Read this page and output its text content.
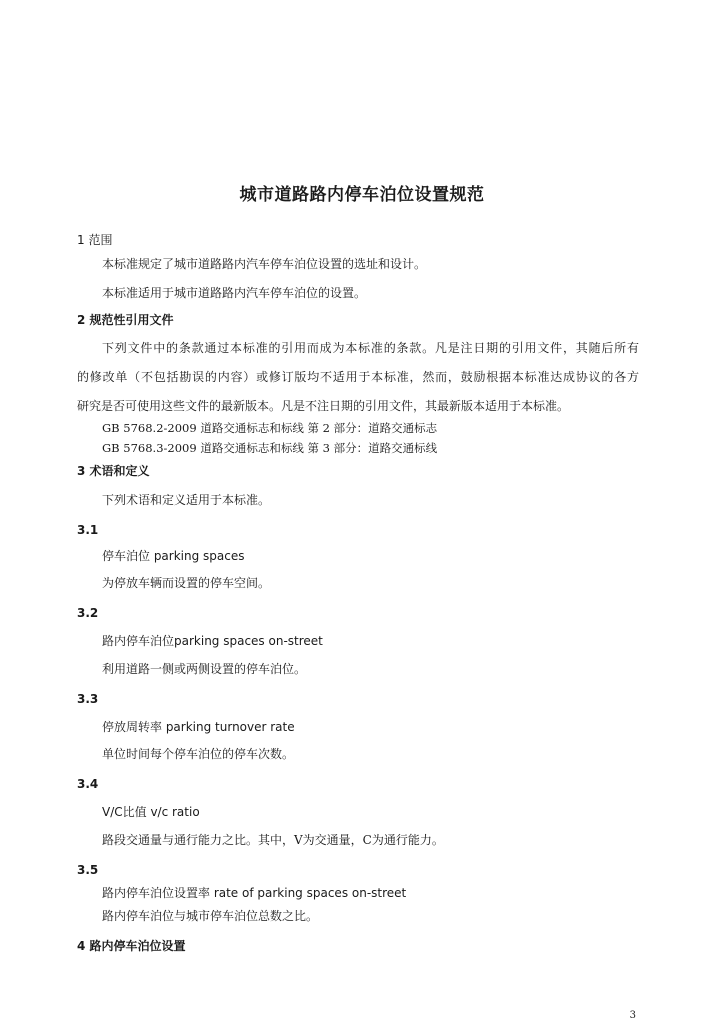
城市道路路内停车泊位设置规范
1 范围
本标准规定了城市道路路内汽车停车泊位设置的选址和设计。
本标准适用于城市道路路内汽车停车泊位的设置。
2 规范性引用文件
下列文件中的条款通过本标准的引用而成为本标准的条款。凡是注日期的引用文件，其随后所有
的修改单（不包括勘误的内容）或修订版均不适用于本标准，然而，鼓励根据本标准达成协议的各方
研究是否可使用这些文件的最新版本。凡是不注日期的引用文件，其最新版本适用于本标准。
GB 5768.2-2009 道路交通标志和标线 第 2 部分：道路交通标志
GB 5768.3-2009 道路交通标志和标线 第 3 部分：道路交通标线
3 术语和定义
下列术语和定义适用于本标准。
3.1
停车泊位 parking spaces
为停放车辆而设置的停车空间。
3.2
路内停车泊位parking spaces on-street
利用道路一侧或两侧设置的停车泊位。
3.3
停放周转率 parking turnover rate
单位时间每个停车泊位的停车次数。
3.4
V/C比值 v/c ratio
路段交通量与通行能力之比。其中，V为交通量，C为通行能力。
3.5
路内停车泊位设置率 rate of parking spaces on-street
路内停车泊位与城市停车泊位总数之比。
4 路内停车泊位设置
3
